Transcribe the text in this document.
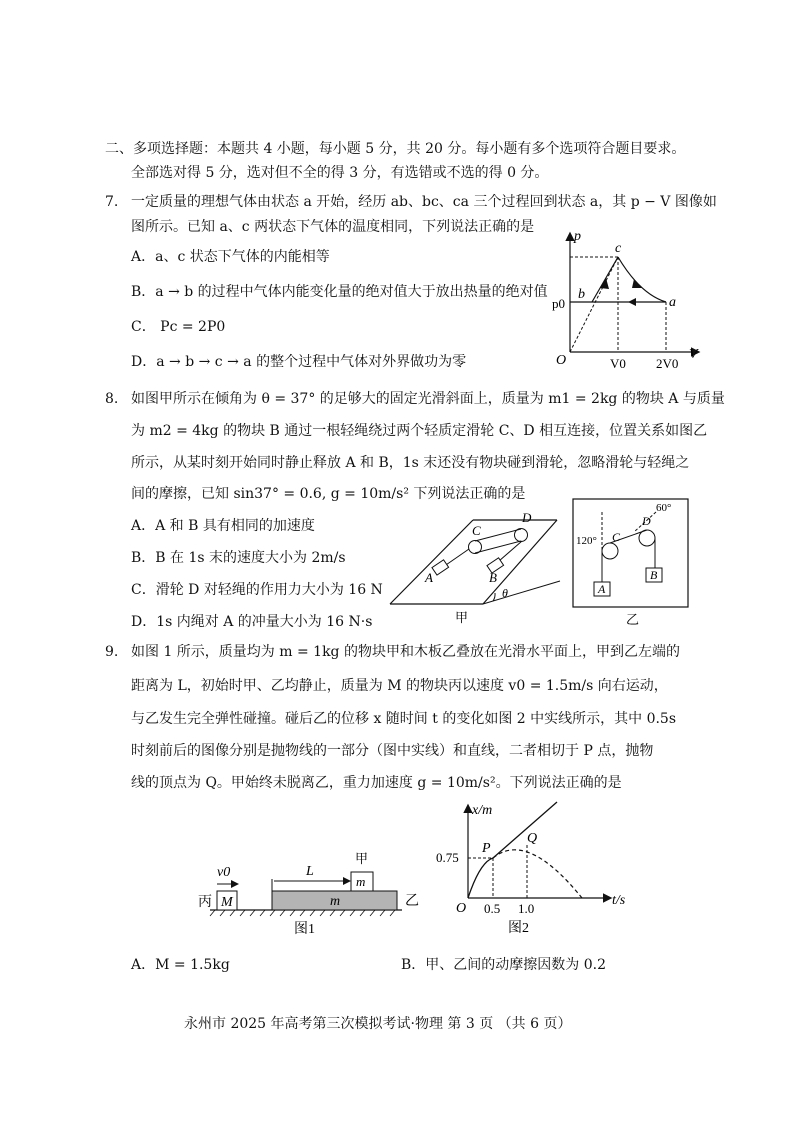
二、多项选择题：本题共 4 小题，每小题 5 分，共 20 分。每小题有多个选项符合题目要求。
全部选对得 5 分，选对但不全的得 3 分，有选错或不选的得 0 分。
7. 一定质量的理想气体由状态 a 开始，经历 ab、bc、ca 三个过程回到状态 a，其 p − V 图像如
图所示。已知 a、c 两状态下气体的温度相同，下列说法正确的是
A．a、c 状态下气体的内能相等
B．a → b 的过程中气体内能变化量的绝对值大于放出热量的绝对值
C． Pc = 2P0
D．a → b → c → a 的整个过程中气体对外界做功为零
p
V
c
b
a
O
p0
V0 2V0
8. 如图甲所示在倾角为 θ = 37° 的足够大的固定光滑斜面上，质量为 m1 = 2kg 的物块 A 与质量
为 m2 = 4kg 的物块 B 通过一根轻绳绕过两个轻质定滑轮 C、D 相互连接，位置关系如图乙
所示，从某时刻开始同时静止释放 A 和 B，1s 末还没有物块碰到滑轮，忽略滑轮与轻绳之
间的摩擦，已知 sin37° = 0.6, g = 10m/s² 下列说法正确的是
A．A 和 B 具有相同的加速度
B．B 在 1s 末的速度大小为 2m/s
C．滑轮 D 对轻绳的作用力大小为 16 N
D．1s 内绳对 A 的冲量大小为 16 N·s
A	B
C
D
θ
甲
A
B
C
D
120°
60°
乙
9. 如图 1 所示，质量均为 m = 1kg 的物块甲和木板乙叠放在光滑水平面上，甲到乙左端的
距离为 L，初始时甲、乙均静止，质量为 M 的物块丙以速度 v0 = 1.5m/s 向右运动，
与乙发生完全弹性碰撞。碰后乙的位移 x 随时间 t 的变化如图 2 中实线所示，其中 0.5s
时刻前后的图像分别是抛物线的一部分（图中实线）和直线，二者相切于 P 点，抛物
线的顶点为 Q。甲始终未脱离乙，重力加速度 g = 10m/s²。下列说法正确的是
v0
丙 M
L
甲
m
m	乙
图1
x/m
t/s
P
Q
O
0.75
0.5 1.0
图2
A．M = 1.5kg	B．甲、乙间的动摩擦因数为 0.2
永州市 2025 年高考第三次模拟考试·物理 第 3 页 （共 6 页）
